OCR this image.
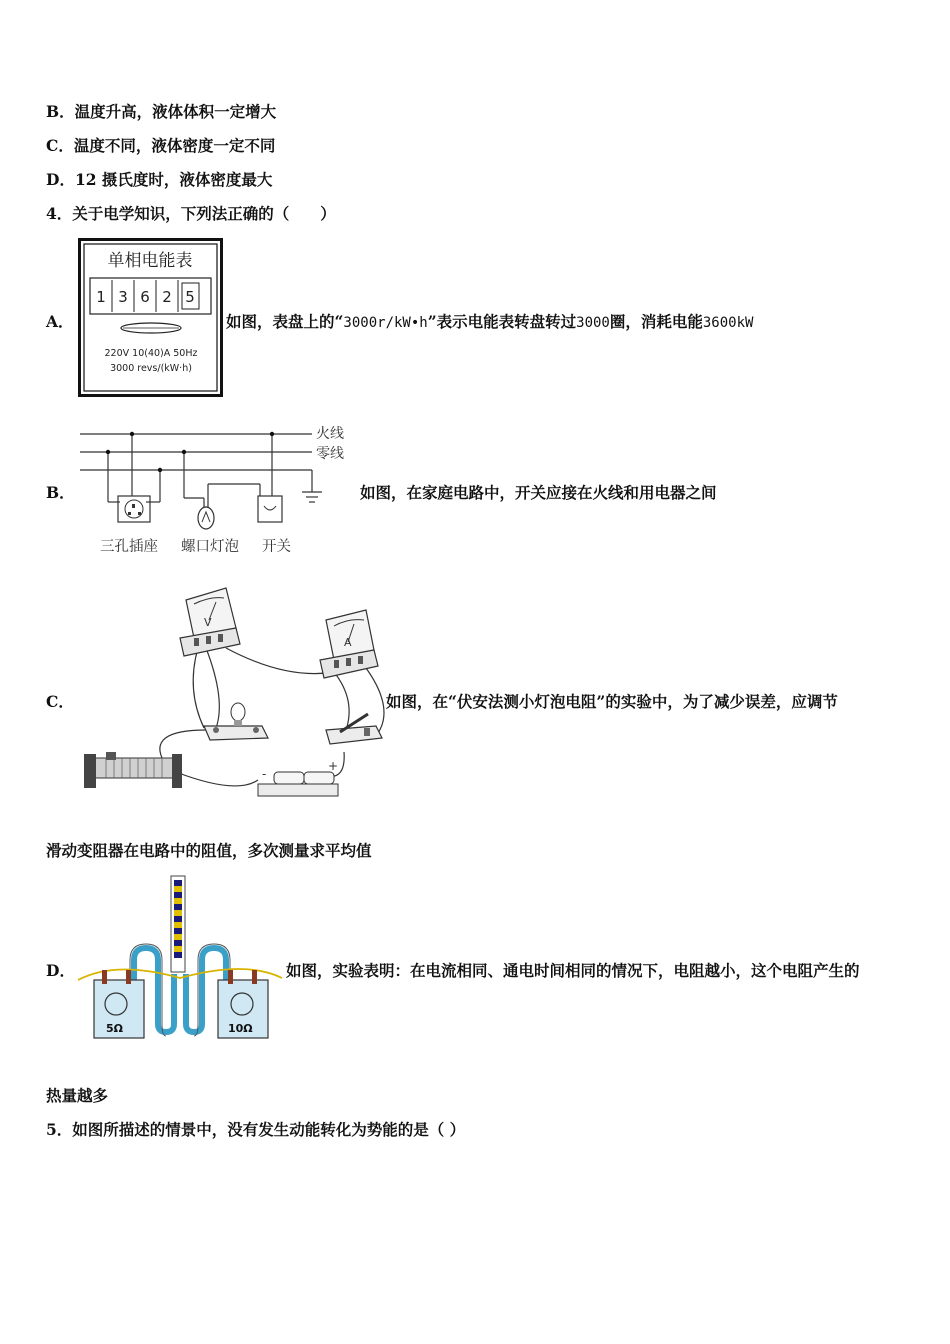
B．温度升高，液体体积一定增大
C．温度不同，液体密度一定不同
D．12 摄氏度时，液体密度最大
4．关于电学知识，下列法正确的（　　）
A．
单相电能表
1 3 6 2 5
220V 10(40)A 50Hz
3000 revs/(kW·h)
如图，表盘上的“3000r/kW•h”表示电能表转盘转过3000圈，消耗电能3600kW
B．
火线
零线
三孔插座 螺口灯泡 开关
如图，在家庭电路中，开关应接在火线和用电器之间
C．
V
A
-
+
如图，在“伏安法测小灯泡电阻”的实验中，为了减少误差，应调节
滑动变阻器在电路中的阻值，多次测量求平均值
D．
5Ω	10Ω
如图，实验表明：在电流相同、通电时间相同的情况下，电阻越小，这个电阻产生的
热量越多
5．如图所描述的情景中，没有发生动能转化为势能的是（ ）
